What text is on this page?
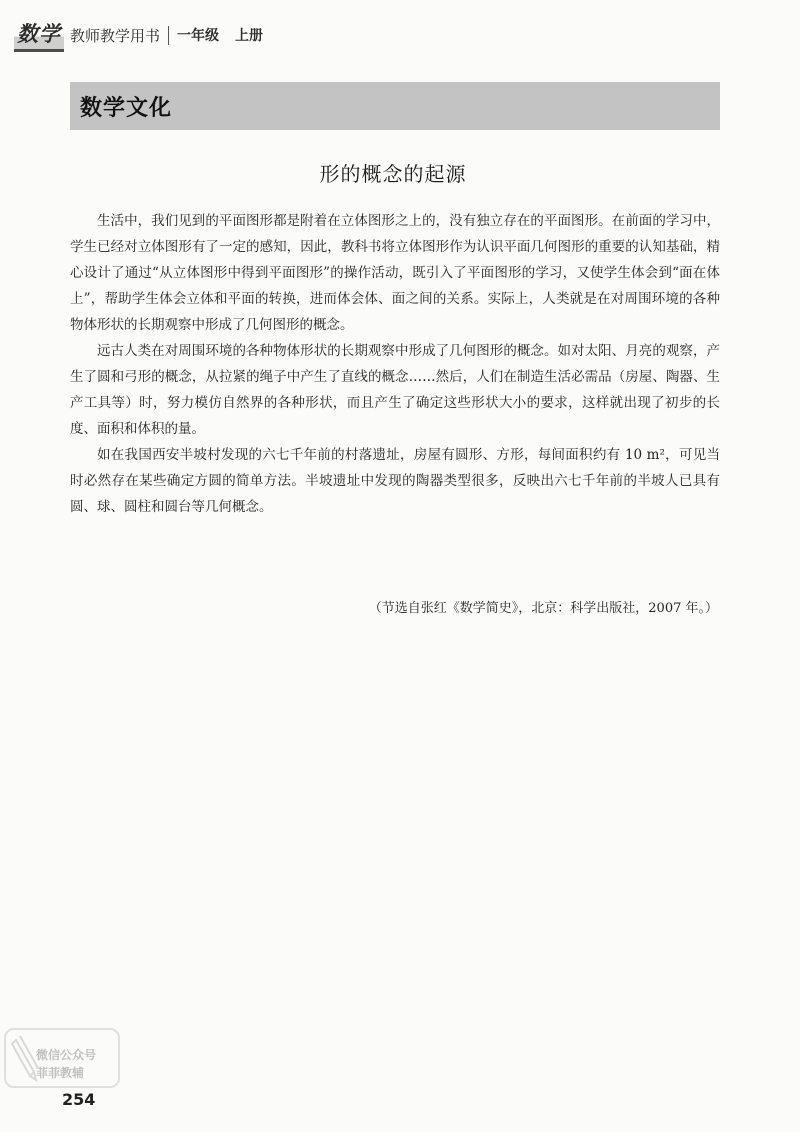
数学 教师教学用书 一年级 上册
数学文化
形的概念的起源

生活中，我们见到的平面图形都是附着在立体图形之上的，没有独立存在的平面图形。在前面的学习中，学生已经对立体图形有了一定的感知，因此，教科书将立体图形作为认识平面几何图形的重要的认知基础，精心设计了通过“从立体图形中得到平面图形”的操作活动，既引入了平面图形的学习，又使学生体会到“面在体上”，帮助学生体会立体和平面的转换，进而体会体、面之间的关系。实际上，人类就是在对周围环境的各种物体形状的长期观察中形成了几何图形的概念。

远古人类在对周围环境的各种物体形状的长期观察中形成了几何图形的概念。如对太阳、月亮的观察，产生了圆和弓形的概念，从拉紧的绳子中产生了直线的概念……然后，人们在制造生活必需品（房屋、陶器、生产工具等）时，努力模仿自然界的各种形状，而且产生了确定这些形状大小的要求，这样就出现了初步的长度、面积和体积的量。

如在我国西安半坡村发现的六七千年前的村落遗址，房屋有圆形、方形，每间面积约有 10 m²，可见当时必然存在某些确定方圆的简单方法。半坡遗址中发现的陶器类型很多，反映出六七千年前的半坡人已具有圆、球、圆柱和圆台等几何概念。

（节选自张红《数学简史》，北京：科学出版社，2007 年。）
微信公众号
菲菲教辅
254
